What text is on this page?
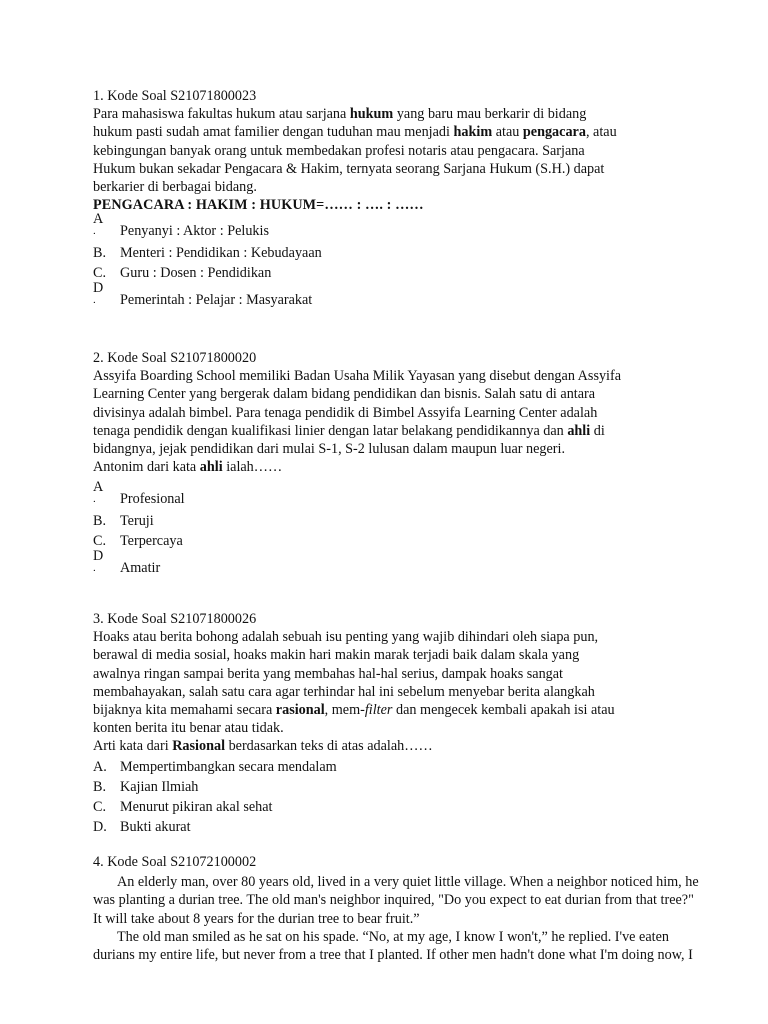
1. Kode Soal S21071800023

Para mahasiswa fakultas hukum atau sarjana hukum yang baru mau berkarir di bidang

hukum pasti sudah amat familier dengan tuduhan mau menjadi hakim atau pengacara, atau

kebingungan banyak orang untuk membedakan profesi notaris atau pengacara. Sarjana

Hukum bukan sekadar Pengacara & Hakim, ternyata seorang Sarjana Hukum (S.H.) dapat

berkarier di berbagai bidang.

PENGACARA : HAKIM : HUKUM=…… : …. : ……

A
. Penyanyi : Aktor : Pelukis
B. Menteri : Pendidikan : Kebudayaan
C. Guru : Dosen : Pendidikan
D
. Pemerintah : Pelajar : Masyarakat

2. Kode Soal S21071800020

Assyifa Boarding School memiliki Badan Usaha Milik Yayasan yang disebut dengan Assyifa

Learning Center yang bergerak dalam bidang pendidikan dan bisnis. Salah satu di antara

divisinya adalah bimbel. Para tenaga pendidik di Bimbel Assyifa Learning Center adalah

tenaga pendidik dengan kualifikasi linier dengan latar belakang pendidikannya dan ahli di

bidangnya, jejak pendidikan dari mulai S-1, S-2 lulusan dalam maupun luar negeri.

Antonim dari kata ahli ialah……

A
. Profesional
B. Teruji
C. Terpercaya
D
. Amatir

3. Kode Soal S21071800026

Hoaks atau berita bohong adalah sebuah isu penting yang wajib dihindari oleh siapa pun,

berawal di media sosial, hoaks makin hari makin marak terjadi baik dalam skala yang

awalnya ringan sampai berita yang membahas hal-hal serius, dampak hoaks sangat

membahayakan, salah satu cara agar terhindar hal ini sebelum menyebar berita alangkah

bijaknya kita memahami secara rasional, mem-filter dan mengecek kembali apakah isi atau

konten berita itu benar atau tidak.

Arti kata dari Rasional berdasarkan teks di atas adalah……

A. Mempertimbangkan secara mendalam
B. Kajian Ilmiah
C. Menurut pikiran akal sehat
D. Bukti akurat

4. Kode Soal S21072100002

An elderly man, over 80 years old, lived in a very quiet little village. When a neighbor noticed him, he

was planting a durian tree. The old man's neighbor inquired, "Do you expect to eat durian from that tree?"

It will take about 8 years for the durian tree to bear fruit.”

The old man smiled as he sat on his spade. “No, at my age, I know I won't,” he replied. I've eaten

durians my entire life, but never from a tree that I planted. If other men hadn't done what I'm doing now, I
